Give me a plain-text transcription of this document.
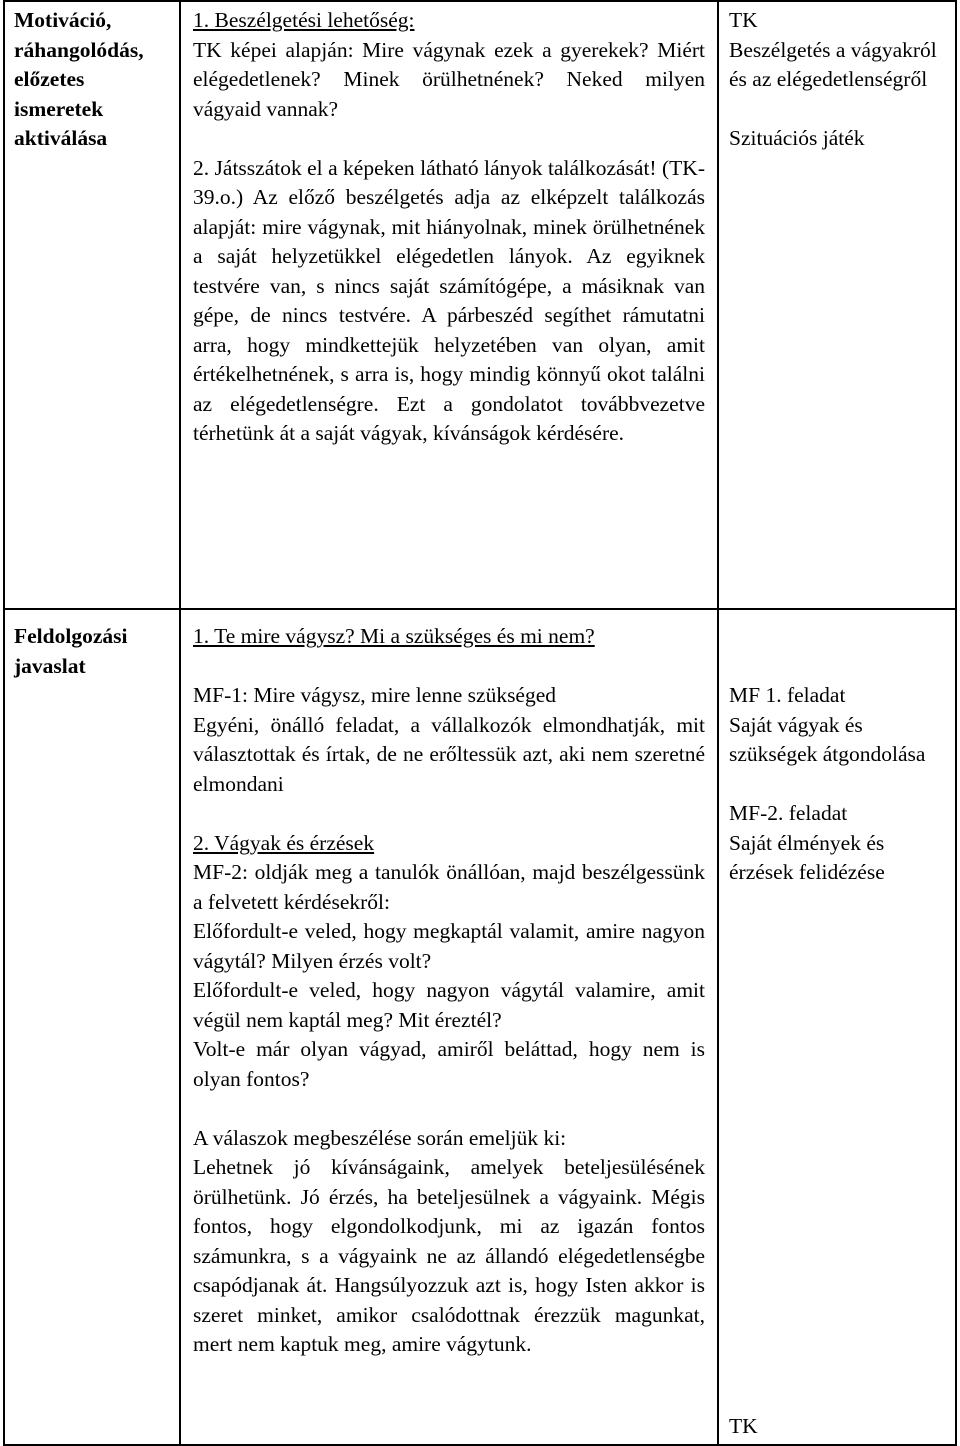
Motiváció, ráhangolódás, előzetes ismeretek aktiválása

1. Beszélgetési lehetőség:

TK képei alapján: Mire vágynak ezek a gyerekek? Miért elégedetlenek? Minek örülhetnének? Neked milyen vágyaid vannak?

2. Játsszátok el a képeken látható lányok találkozását! (TK-39.o.) Az előző beszélgetés adja az elképzelt találkozás alapját: mire vágynak, mit hiányolnak, minek örülhetnének a saját helyzetükkel elégedetlen lányok. Az egyiknek testvére van, s nincs saját számítógépe, a másiknak van gépe, de nincs testvére. A párbeszéd segíthet rámutatni arra, hogy mindkettejük helyzetében van olyan, amit értékelhetnének, s arra is, hogy mindig könnyű okot találni az elégedetlenségre. Ezt a gondolatot továbbvezetve térhetünk át a saját vágyak, kívánságok kérdésére.

TK

Beszélgetés a vágyakról és az elégedetlenségről

Szituációs játék

Feldolgozási javaslat

1. Te mire vágysz? Mi a szükséges és mi nem?

MF-1: Mire vágysz, mire lenne szükséged

Egyéni, önálló feladat, a vállalkozók elmondhatják, mit választottak és írtak, de ne erőltessük azt, aki nem szeretné elmondani

2. Vágyak és érzések

MF-2: oldják meg a tanulók önállóan, majd beszélgessünk a felvetett kérdésekről:

Előfordult-e veled, hogy megkaptál valamit, amire nagyon vágytál? Milyen érzés volt?

Előfordult-e veled, hogy nagyon vágytál valamire, amit végül nem kaptál meg? Mit éreztél?

Volt-e már olyan vágyad, amiről beláttad, hogy nem is olyan fontos?

A válaszok megbeszélése során emeljük ki:

Lehetnek jó kívánságaink, amelyek beteljesülésének örülhetünk. Jó érzés, ha beteljesülnek a vágyaink. Mégis fontos, hogy elgondolkodjunk, mi az igazán fontos számunkra, s a vágyaink ne az állandó elégedetlenségbe csapódjanak át. Hangsúlyozzuk azt is, hogy Isten akkor is szeret minket, amikor csalódottnak érezzük magunkat, mert nem kaptuk meg, amire vágytunk.

MF 1. feladat

Saját vágyak és szükségek átgondolása

MF-2. feladat

Saját élmények és érzések felidézése

TK
